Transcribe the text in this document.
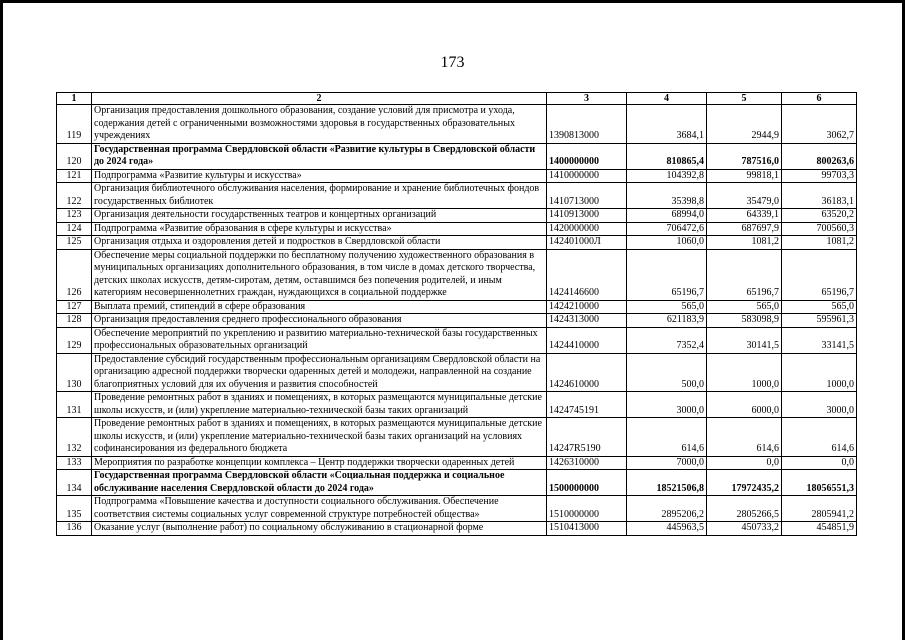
173
1	2	3	4	5	6
119	Организация предоставления дошкольного образования, создание условий для присмотра и ухода, содержания детей с ограниченными возможностями здоровья в государственных образовательных учреждениях	1390813000	3684,1	2944,9	3062,7
120	Государственная программа Свердловской области «Развитие культуры в Свердловской области до 2024 года»	1400000000	810865,4	787516,0	800263,6
121	Подпрограмма «Развитие культуры и искусства»	1410000000	104392,8	99818,1	99703,3
122	Организация библиотечного обслуживания населения, формирование и хранение библиотечных фондов государственных библиотек	1410713000	35398,8	35479,0	36183,1
123	Организация деятельности государственных театров и концертных организаций	1410913000	68994,0	64339,1	63520,2
124	Подпрограмма «Развитие образования в сфере культуры и искусства»	1420000000	706472,6	687697,9	700560,3
125	Организация отдыха и оздоровления детей и подростков в Свердловской области	142401000Л	1060,0	1081,2	1081,2
126	Обеспечение меры социальной поддержки по бесплатному получению художественного образования в муниципальных организациях дополнительного образования, в том числе в домах детского творчества, детских школах искусств, детям-сиротам, детям, оставшимся без попечения родителей, и иным категориям несовершеннолетних граждан, нуждающихся в социальной поддержке	1424146600	65196,7	65196,7	65196,7
127	Выплата премий, стипендий в сфере образования	1424210000	565,0	565,0	565,0
128	Организация предоставления среднего профессионального образования	1424313000	621183,9	583098,9	595961,3
129	Обеспечение мероприятий по укреплению и развитию материально-технической базы государственных профессиональных образовательных организаций	1424410000	7352,4	30141,5	33141,5
130	Предоставление субсидий государственным профессиональным организациям Свердловской области на организацию адресной поддержки творчески одаренных детей и молодежи, направленной на создание благоприятных условий для их обучения и развития способностей	1424610000	500,0	1000,0	1000,0
131	Проведение ремонтных работ в зданиях и помещениях, в которых размещаются муниципальные детские школы искусств, и (или) укрепление материально-технической базы таких организаций	1424745191	3000,0	6000,0	3000,0
132	Проведение ремонтных работ в зданиях и помещениях, в которых размещаются муниципальные детские школы искусств, и (или) укрепление материально-технической базы таких организаций на условиях софинансирования из федерального бюджета	14247R5190	614,6	614,6	614,6
133	Мероприятия по разработке концепции комплекса – Центр поддержки творчески одаренных детей	1426310000	7000,0	0,0	0,0
134	Государственная программа Свердловской области «Социальная поддержка и социальное обслуживание населения Свердловской области до 2024 года»	1500000000	18521506,8	17972435,2	18056551,3
135	Подпрограмма «Повышение качества и доступности социального обслуживания. Обеспечение соответствия системы социальных услуг современной структуре потребностей общества»	1510000000	2895206,2	2805266,5	2805941,2
136	Оказание услуг (выполнение работ) по социальному обслуживанию в стационарной форме	1510413000	445963,5	450733,2	454851,9
